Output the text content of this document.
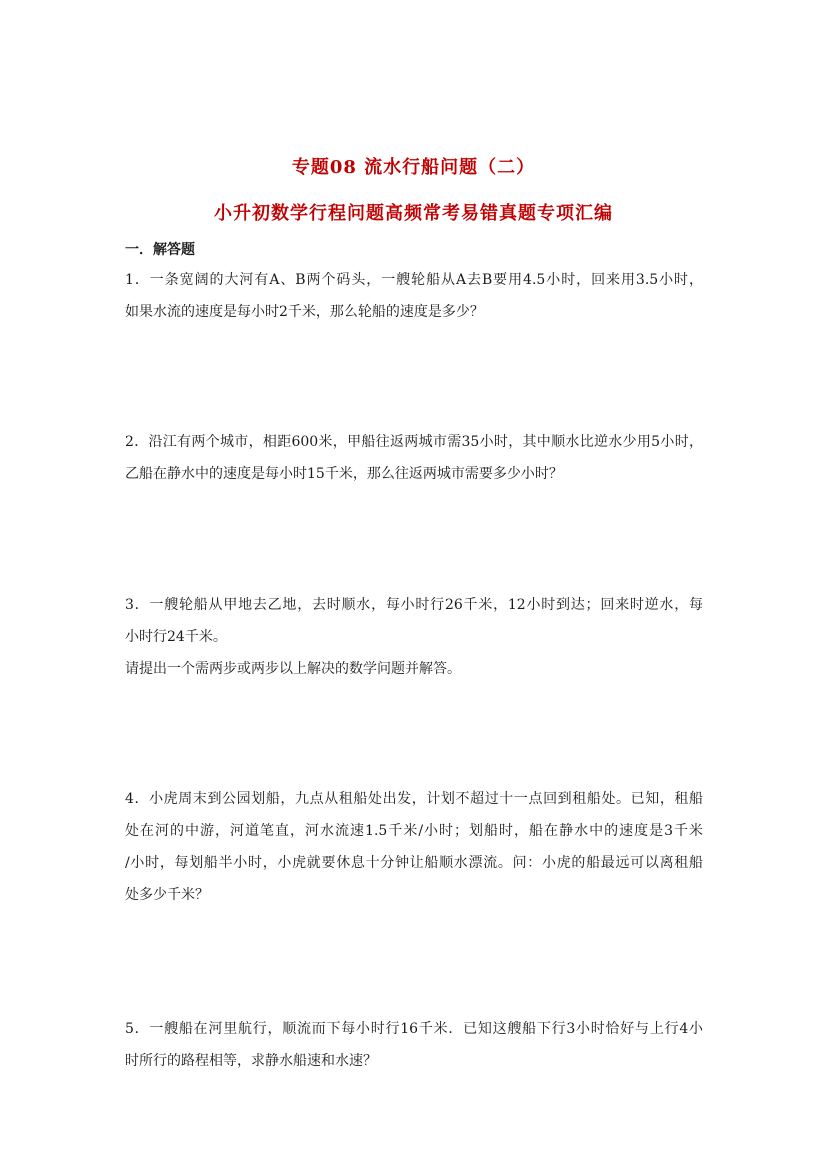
专题08 流水行船问题（二）
小升初数学行程问题高频常考易错真题专项汇编
一．解答题
1．一条宽阔的大河有A、B两个码头，一艘轮船从A去B要用4.5小时，回来用3.5小时，
如果水流的速度是每小时2千米，那么轮船的速度是多少？
2．沿江有两个城市，相距600米，甲船往返两城市需35小时，其中顺水比逆水少用5小时，
乙船在静水中的速度是每小时15千米，那么往返两城市需要多少小时？
3．一艘轮船从甲地去乙地，去时顺水，每小时行26千米，12小时到达；回来时逆水，每
小时行24千米。
请提出一个需两步或两步以上解决的数学问题并解答。
4．小虎周末到公园划船，九点从租船处出发，计划不超过十一点回到租船处。已知，租船
处在河的中游，河道笔直，河水流速1.5千米/小时；划船时，船在静水中的速度是3千米
/小时，每划船半小时，小虎就要休息十分钟让船顺水漂流。问：小虎的船最远可以离租船
处多少千米？
5．一艘船在河里航行，顺流而下每小时行16千米．已知这艘船下行3小时恰好与上行4小
时所行的路程相等，求静水船速和水速？
